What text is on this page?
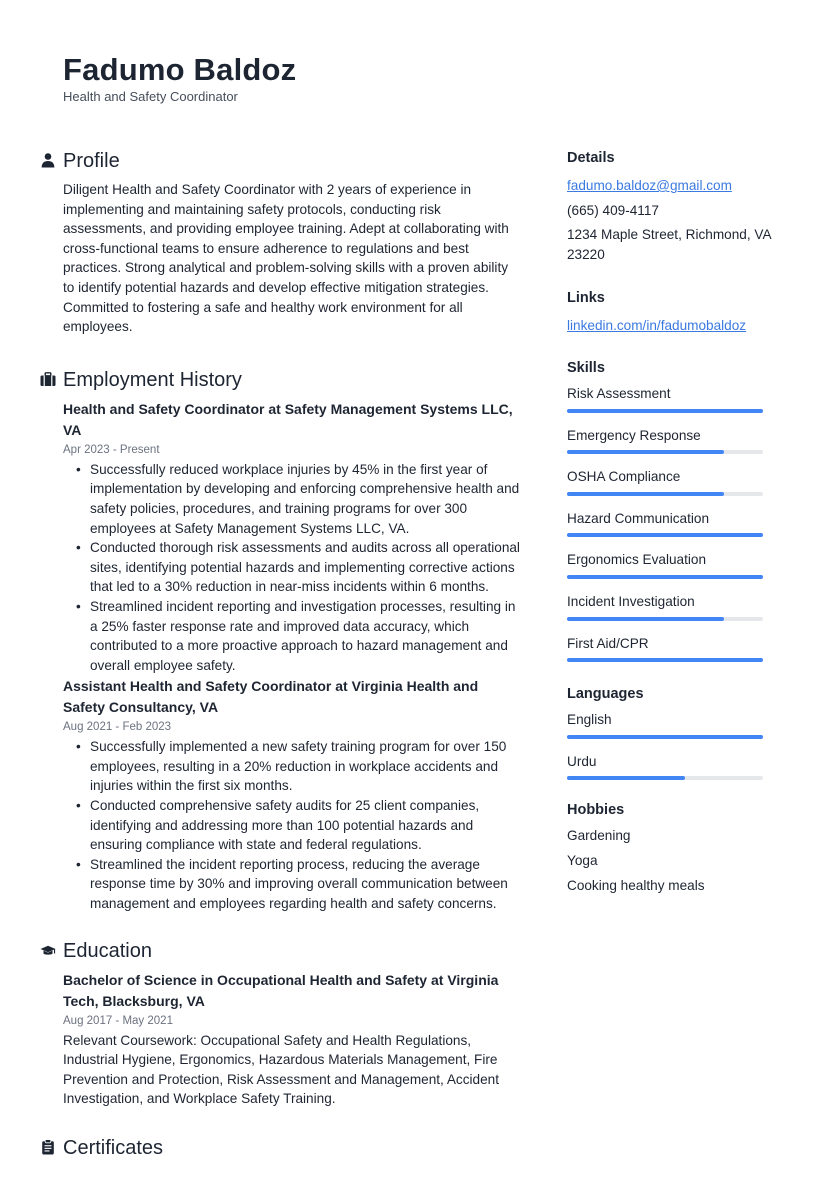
Fadumo Baldoz
Health and Safety Coordinator
Profile

Diligent Health and Safety Coordinator with 2 years of experience in implementing and maintaining safety protocols, conducting risk assessments, and providing employee training. Adept at collaborating with cross-functional teams to ensure adherence to regulations and best practices. Strong analytical and problem-solving skills with a proven ability to identify potential hazards and develop effective mitigation strategies. Committed to fostering a safe and healthy work environment for all employees.

Employment History
Health and Safety Coordinator at Safety Management Systems LLC, VA
Apr 2023 - Present
• Successfully reduced workplace injuries by 45% in the first year of implementation by developing and enforcing comprehensive health and safety policies, procedures, and training programs for over 300 employees at Safety Management Systems LLC, VA.
• Conducted thorough risk assessments and audits across all operational sites, identifying potential hazards and implementing corrective actions that led to a 30% reduction in near-miss incidents within 6 months.
• Streamlined incident reporting and investigation processes, resulting in a 25% faster response rate and improved data accuracy, which contributed to a more proactive approach to hazard management and overall employee safety.
Assistant Health and Safety Coordinator at Virginia Health and Safety Consultancy, VA
Aug 2021 - Feb 2023
• Successfully implemented a new safety training program for over 150 employees, resulting in a 20% reduction in workplace accidents and injuries within the first six months.
• Conducted comprehensive safety audits for 25 client companies, identifying and addressing more than 100 potential hazards and ensuring compliance with state and federal regulations.
• Streamlined the incident reporting process, reducing the average response time by 30% and improving overall communication between management and employees regarding health and safety concerns.
Education
Bachelor of Science in Occupational Health and Safety at Virginia Tech, Blacksburg, VA
Aug 2017 - May 2021

Relevant Coursework: Occupational Safety and Health Regulations, Industrial Hygiene, Ergonomics, Hazardous Materials Management, Fire Prevention and Protection, Risk Assessment and Management, Accident Investigation, and Workplace Safety Training.

Certificates
Details
fadumo.baldoz@gmail.com
(665) 409-4117
1234 Maple Street, Richmond, VA 23220
Links
linkedin.com/in/fadumobaldoz
Skills
Risk Assessment
Emergency Response
OSHA Compliance
Hazard Communication
Ergonomics Evaluation
Incident Investigation
First Aid/CPR
Languages
English
Urdu
Hobbies
Gardening
Yoga
Cooking healthy meals
